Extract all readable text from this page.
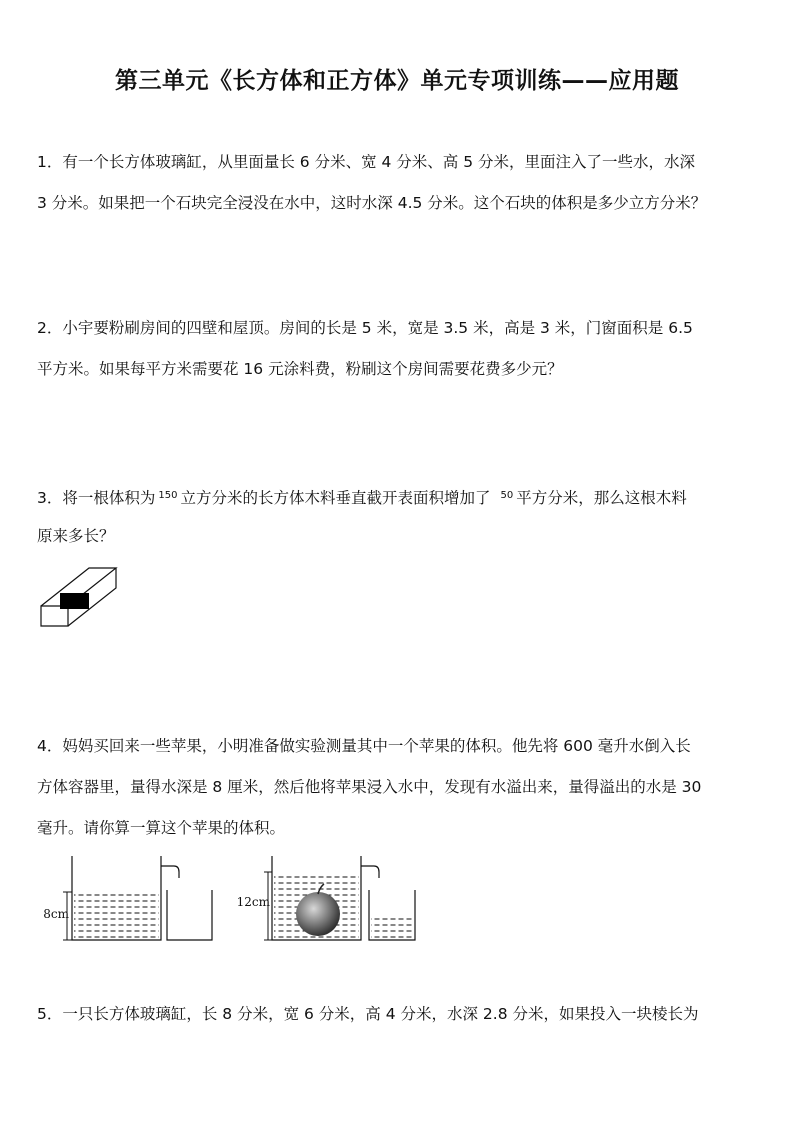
第三单元《长方体和正方体》单元专项训练——应用题

1．有一个长方体玻璃缸，从里面量长 6 分米、宽 4 分米、高 5 分米，里面注入了一些水，水深

3 分米。如果把一个石块完全浸没在水中，这时水深 4.5 分米。这个石块的体积是多少立方分米？

2．小宇要粉刷房间的四壁和屋顶。房间的长是 5 米，宽是 3.5 米，高是 3 米，门窗面积是 6.5

平方米。如果每平方米需要花 16 元涂料费，粉刷这个房间需要花费多少元？

3．将一根体积为 $^{150}$ 立方分米的长方体木料垂直截开表面积增加了 $^{50}$ 平方分米，那么这根木料

原来多长？

4．妈妈买回来一些苹果，小明准备做实验测量其中一个苹果的体积。他先将 600 毫升水倒入长

方体容器里，量得水深是 8 厘米，然后他将苹果浸入水中，发现有水溢出来，量得溢出的水是 30

毫升。请你算一算这个苹果的体积。

8cm
12cm

5．一只长方体玻璃缸，长 8 分米，宽 6 分米，高 4 分米，水深 2.8 分米，如果投入一块棱长为
